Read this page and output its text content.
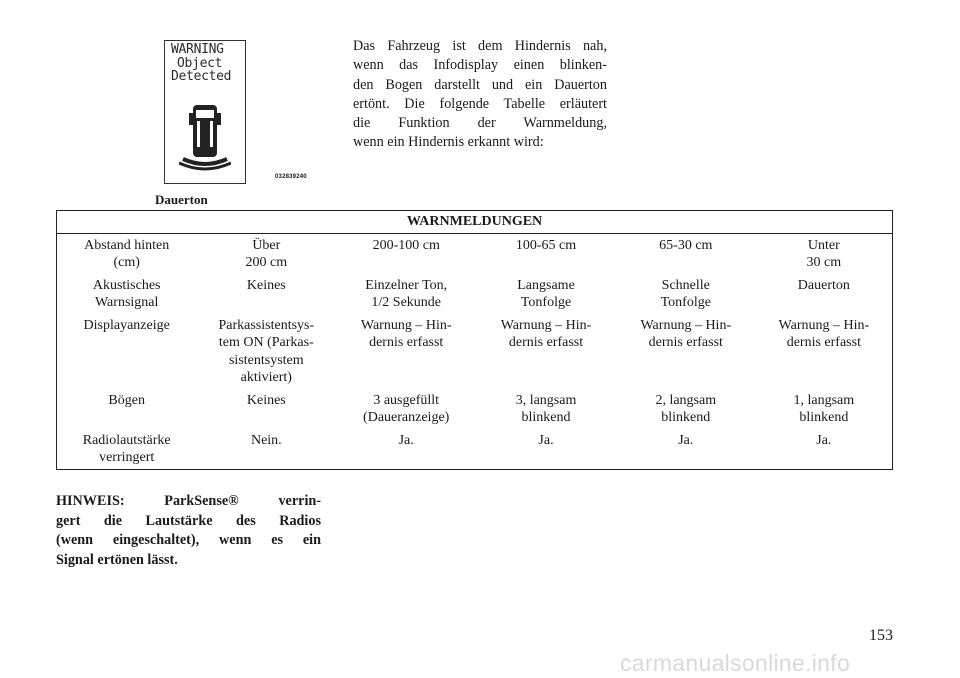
WARNING
Object
Detected
032839240
Dauerton
Das Fahrzeug ist dem Hindernis nah,
wenn das Infodisplay einen blinken-
den Bogen darstellt und ein Dauerton
ertönt. Die folgende Tabelle erläutert
die Funktion der Warnmeldung,
wenn ein Hindernis erkannt wird:
WARNMELDUNGEN					

Abstand hinten
(cm)	Über
200 cm	200-100 cm	100-65 cm	65-30 cm	Unter
30 cm

Akustisches
Warnsignal	Keines	Einzelner Ton,
1/2 Sekunde	Langsame
Tonfolge	Schnelle
Tonfolge	Dauerton

Displayanzeige	Parkassistentsys-
tem ON (Parkas-
sistentsystem
aktiviert)	Warnung – Hin-
dernis erfasst	Warnung – Hin-
dernis erfasst	Warnung – Hin-
dernis erfasst	Warnung – Hin-
dernis erfasst

Bögen	Keines	3 ausgefüllt
(Daueranzeige)	3, langsam
blinkend	2, langsam
blinkend	1, langsam
blinkend

Radiolautstärke
verringert	Nein.	Ja.	Ja.	Ja.	Ja.
HINWEIS: ParkSense® verrin-
gert die Lautstärke des Radios
(wenn eingeschaltet), wenn es ein
Signal ertönen lässt.
153
carmanualsonline.info
